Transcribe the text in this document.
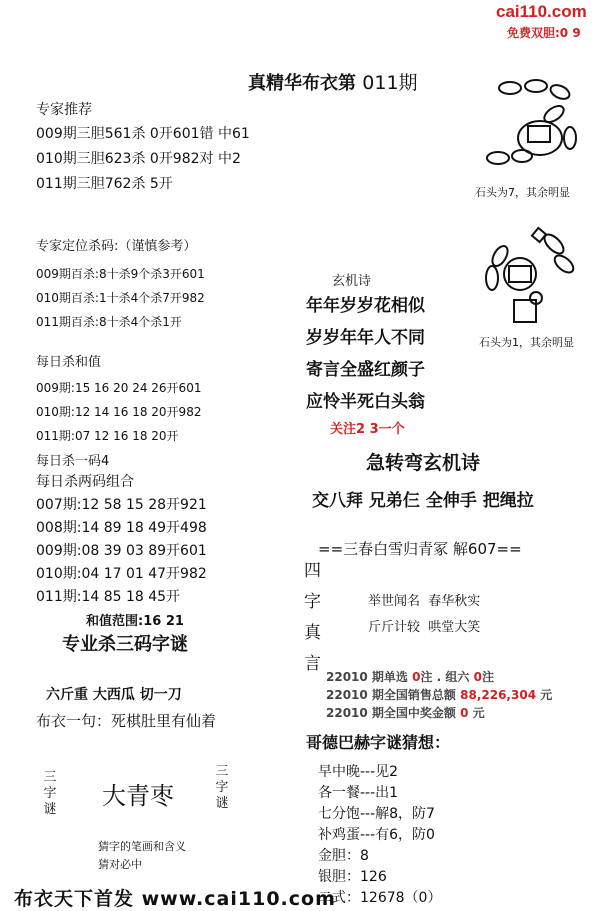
cai110.com
免费双胆:0 9
真精华布衣第 011期
专家推荐
009期三胆561杀 0开601错 中61
010期三胆623杀 0开982对 中2
011期三胆762杀 5开
专家定位杀码:（谨慎参考）
009期百杀:8十杀9个杀3开601
010期百杀:1十杀4个杀7开982
011期百杀:8十杀4个杀1开
每日杀和值
009期:15 16 20 24 26开601
010期:12 14 16 18 20开982
011期:07 12 16 18 20开
每日杀一码4
每日杀两码组合
007期:12 58 15 28开921
008期:14 89 18 49开498
009期:08 39 03 89开601
010期:04 17 01 47开982
011期:14 85 18 45开
和值范围:16 21
专业杀三码字谜
六斤重 大西瓜 切一刀
布衣一句：死棋肚里有仙着
三
字
谜 大青枣
三
字
谜
猜字的笔画和含义
猜对必中
布衣天下首发 www.cai110.com
石头为7，其余明显
石头为1，其余明显
玄机诗
年年岁岁花相似
岁岁年年人不同
寄言全盛红颜子
应怜半死白头翁
关注2 3一个
急转弯玄机诗
交八拜 兄弟仨 全伸手 把绳拉
==三春白雪归青冢 解607==
四
字
真
言
举世闻名  春华秋实
斤斤计较  哄堂大笑
22010 期单选 0注 . 组六 0注
22010 期全国销售总额 88,226,304 元
22010 期全国中奖金额 0 元
哥德巴赫字谜猜想：
早中晚---见2
各一餐---出1
七分饱---解8，防7
补鸡蛋---有6，防0
金胆：8
银胆：126
二式：12678（0）
